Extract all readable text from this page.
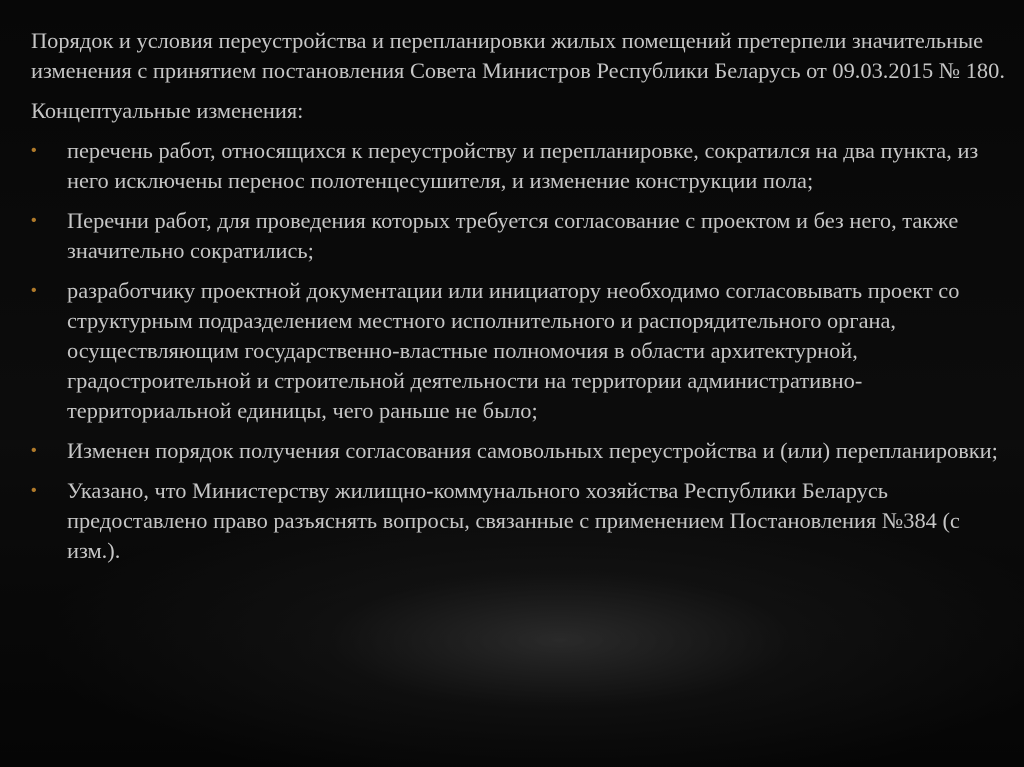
Порядок и условия переустройства и перепланировки жилых помещений претерпели значительные изменения с принятием постановления Совета Министров Республики Беларусь от 09.03.2015 № 180.

Концептуальные изменения:

• перечень работ, относящихся к переустройству и перепланировке, сократился на два пункта, из него исключены перенос полотенцесушителя, и изменение конструкции пола;
• Перечни работ, для проведения которых требуется согласование с проектом и без него, также значительно сократились;
• разработчику проектной документации или инициатору необходимо согласовывать проект со структурным подразделением местного исполнительного и распорядительного органа, осуществляющим государственно-властные полномочия в области архитектурной, градостроительной и строительной деятельности на территории административно-территориальной единицы, чего раньше не было;
• Изменен порядок получения согласования самовольных переустройства и (или) перепланировки;
• Указано, что Министерству жилищно-коммунального хозяйства Республики Беларусь предоставлено право разъяснять вопросы, связанные с применением Постановления №384 (с изм.).
